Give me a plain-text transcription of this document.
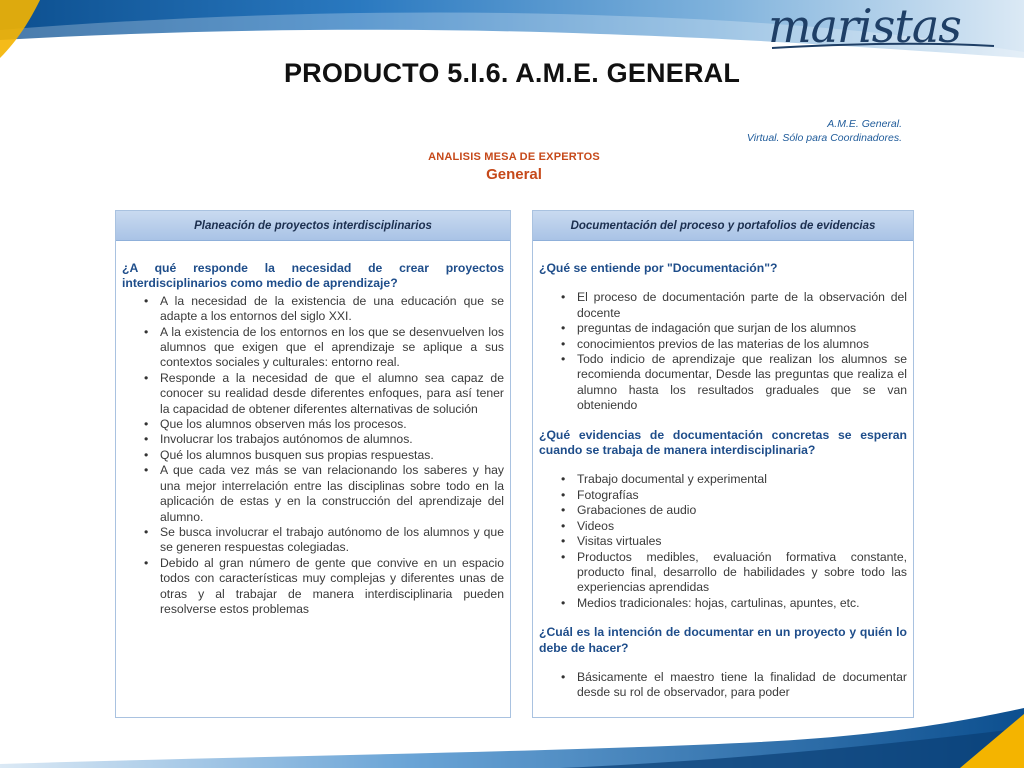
maristas
PRODUCTO 5.I.6. A.M.E. GENERAL
A.M.E. General.
Virtual. Sólo para Coordinadores.
ANALISIS MESA DE EXPERTOS
General
Planeación de proyectos interdisciplinarios
¿A qué responde la necesidad de crear proyectos interdisciplinarios como medio de aprendizaje?
• A la necesidad de la existencia de una educación que se adapte a los entornos del siglo XXI.
• A la existencia de los entornos en los que se desenvuelven los alumnos que exigen que el aprendizaje se aplique a sus contextos sociales y culturales: entorno real.
• Responde a la necesidad de que el alumno sea capaz de conocer su realidad desde diferentes enfoques, para así tener la capacidad de obtener diferentes alternativas de solución
• Que los alumnos observen más los procesos.
• Involucrar los trabajos autónomos de alumnos.
• Qué los alumnos busquen sus propias respuestas.
• A que cada vez más se van relacionando los saberes y hay una mejor interrelación entre las disciplinas sobre todo en la aplicación de estas y en la construcción del aprendizaje del alumno.
• Se busca involucrar el trabajo autónomo de los alumnos y que se generen respuestas colegiadas.
• Debido al gran número de gente que convive en un espacio todos con características muy complejas y diferentes unas de otras y al trabajar de manera interdisciplinaria pueden resolverse estos problemas
Documentación del proceso y portafolios de evidencias
¿Qué se entiende por "Documentación"?
• El proceso de documentación parte de la observación del docente
• preguntas de indagación que surjan de los alumnos
• conocimientos previos de las materias de los alumnos
• Todo indicio de aprendizaje que realizan los alumnos se recomienda documentar, Desde las preguntas que realiza el alumno hasta los resultados graduales que se van obteniendo
¿Qué evidencias de documentación concretas se esperan cuando se trabaja de manera interdisciplinaria?
• Trabajo documental y experimental
• Fotografías
• Grabaciones de audio
• Videos
• Visitas virtuales
• Productos medibles, evaluación formativa constante, producto final, desarrollo de habilidades y sobre todo las experiencias aprendidas
• Medios tradicionales: hojas, cartulinas, apuntes, etc.
¿Cuál es la intención de documentar en un proyecto y quién lo debe de hacer?
• Básicamente el maestro tiene la finalidad de documentar desde su rol de observador, para poder
